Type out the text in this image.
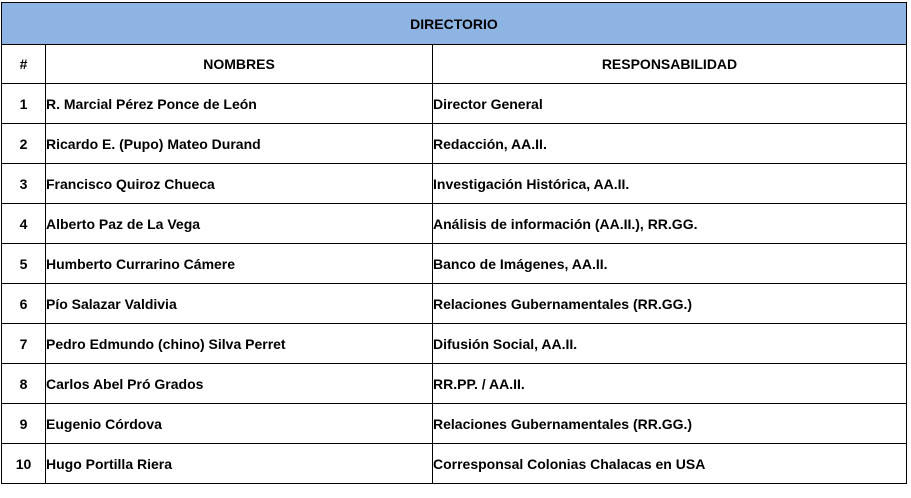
DIRECTORIO		
#	NOMBRES	RESPONSABILIDAD
1	R. Marcial Pérez Ponce de León	Director General
2	Ricardo E. (Pupo) Mateo Durand	Redacción, AA.II.
3	Francisco Quiroz Chueca	Investigación Histórica, AA.II.
4	Alberto Paz de La Vega	Análisis de información (AA.II.), RR.GG.
5	Humberto Currarino Cámere	Banco de Imágenes, AA.II.
6	Pío Salazar Valdivia	Relaciones Gubernamentales (RR.GG.)
7	Pedro Edmundo (chino) Silva Perret	Difusión Social, AA.II.
8	Carlos Abel Pró Grados	RR.PP. / AA.II.
9	Eugenio Córdova	Relaciones Gubernamentales (RR.GG.)
10	Hugo Portilla Riera	Corresponsal Colonias Chalacas en USA
